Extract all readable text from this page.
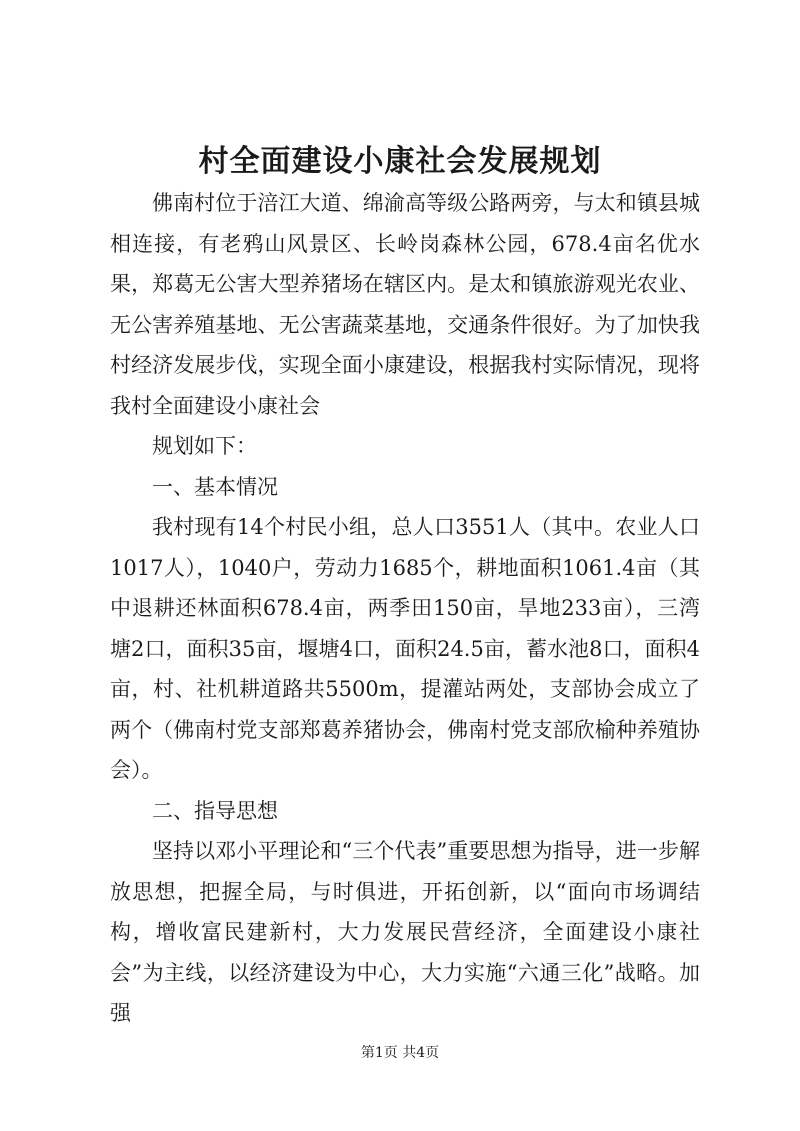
村全面建设小康社会发展规划

佛南村位于涪江大道、绵渝高等级公路两旁，与太和镇县城相连接，有老鸦山风景区、长岭岗森林公园，678.4亩名优水果，郑葛无公害大型养猪场在辖区内。是太和镇旅游观光农业、无公害养殖基地、无公害蔬菜基地，交通条件很好。为了加快我村经济发展步伐，实现全面小康建设，根据我村实际情况，现将我村全面建设小康社会

规划如下：

一、基本情况

我村现有14个村民小组，总人口3551人（其中。农业人口1017人），1040户，劳动力1685个，耕地面积1061.4亩（其中退耕还林面积678.4亩，两季田150亩，旱地233亩），三湾塘2口，面积35亩，堰塘4口，面积24.5亩，蓄水池8口，面积4亩，村、社机耕道路共5500m，提灌站两处，支部协会成立了两个（佛南村党支部郑葛养猪协会，佛南村党支部欣榆种养殖协会）。

二、指导思想

坚持以邓小平理论和“三个代表”重要思想为指导，进一步解放思想，把握全局，与时俱进，开拓创新，以“面向市场调结构，增收富民建新村，大力发展民营经济，全面建设小康社会”为主线，以经济建设为中心，大力实施“六通三化”战略。加强

第1页 共4页
